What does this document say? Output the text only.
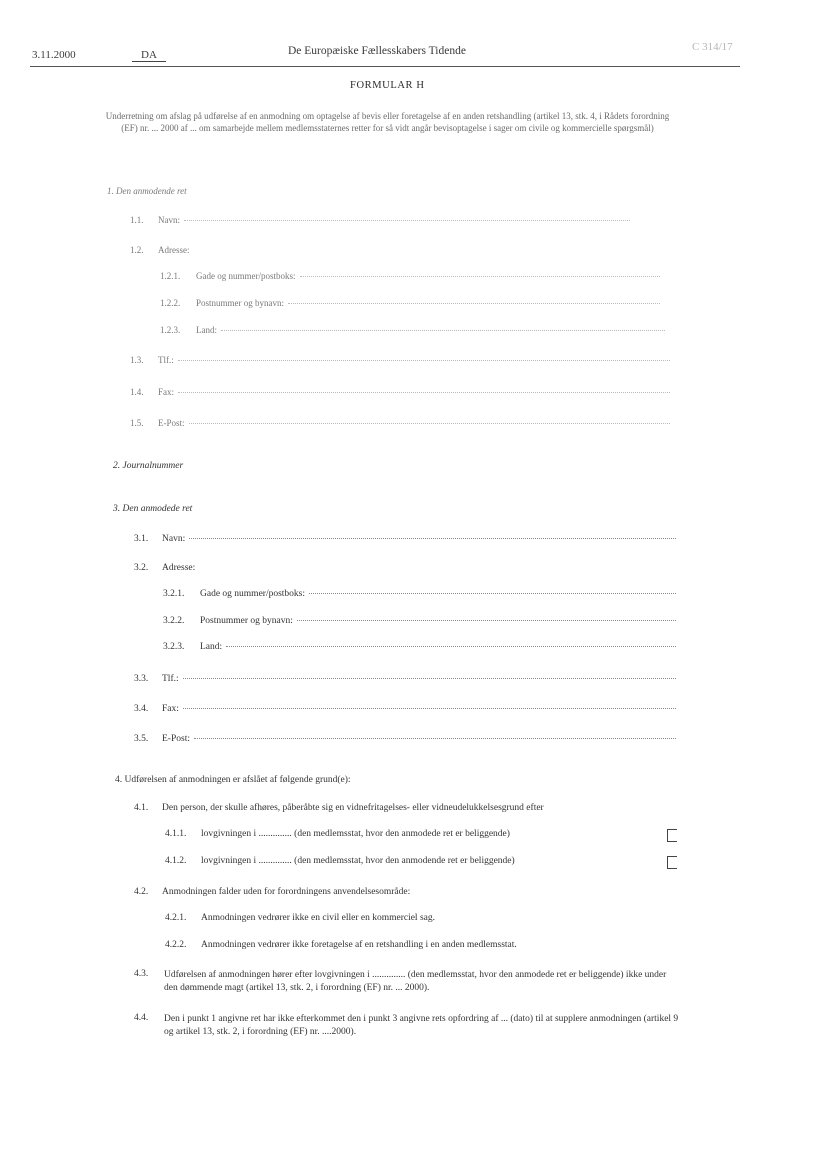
3.11.2000	DA	De Europæiske Fællesskabers Tidende	C 314/17
FORMULAR H
Underretning om afslag på udførelse af en anmodning om optagelse af bevis eller foretagelse af en anden retshandling (artikel 13, stk. 4, i Rådets forordning (EF) nr. ... 2000 af ... om samarbejde mellem medlemsstaternes retter for så vidt angår bevisoptagelse i sager om civile og kommercielle spørgsmål)
1. Den anmodende ret
1.1.	Navn:
1.2.	Adresse:
1.2.1.	Gade og nummer/postboks:
1.2.2.	Postnummer og bynavn:
1.2.3.	Land:
1.3.	Tlf.:
1.4.	Fax:
1.5.	E-Post:
2. Journalnummer
3. Den anmodede ret
3.1.	Navn:
3.2.	Adresse:
3.2.1.	Gade og nummer/postboks:
3.2.2.	Postnummer og bynavn:
3.2.3.	Land:
3.3.	Tlf.:
3.4.	Fax:
3.5.	E-Post:
4. Udførelsen af anmodningen er afslået af følgende grund(e):
4.1.	Den person, der skulle afhøres, påberåbte sig en vidnefritagelses- eller vidneudelukkelsesgrund efter
4.1.1.	lovgivningen i .............. (den medlemsstat, hvor den anmodede ret er beliggende)
4.1.2.	lovgivningen i .............. (den medlemsstat, hvor den anmodende ret er beliggende)
4.2.	Anmodningen falder uden for forordningens anvendelsesområde:
4.2.1.	Anmodningen vedrører ikke en civil eller en kommerciel sag.
4.2.2.	Anmodningen vedrører ikke foretagelse af en retshandling i en anden medlemsstat.
4.3. Udførelsen af anmodningen hører efter lovgivningen i .............. (den medlemsstat, hvor den anmodede ret er beliggende) ikke under den dømmende magt (artikel 13, stk. 2, i forordning (EF) nr. ... 2000).
4.4. Den i punkt 1 angivne ret har ikke efterkommet den i punkt 3 angivne rets opfordring af ... (dato) til at supplere anmodningen (artikel 9 og artikel 13, stk. 2, i forordning (EF) nr. ....2000).
